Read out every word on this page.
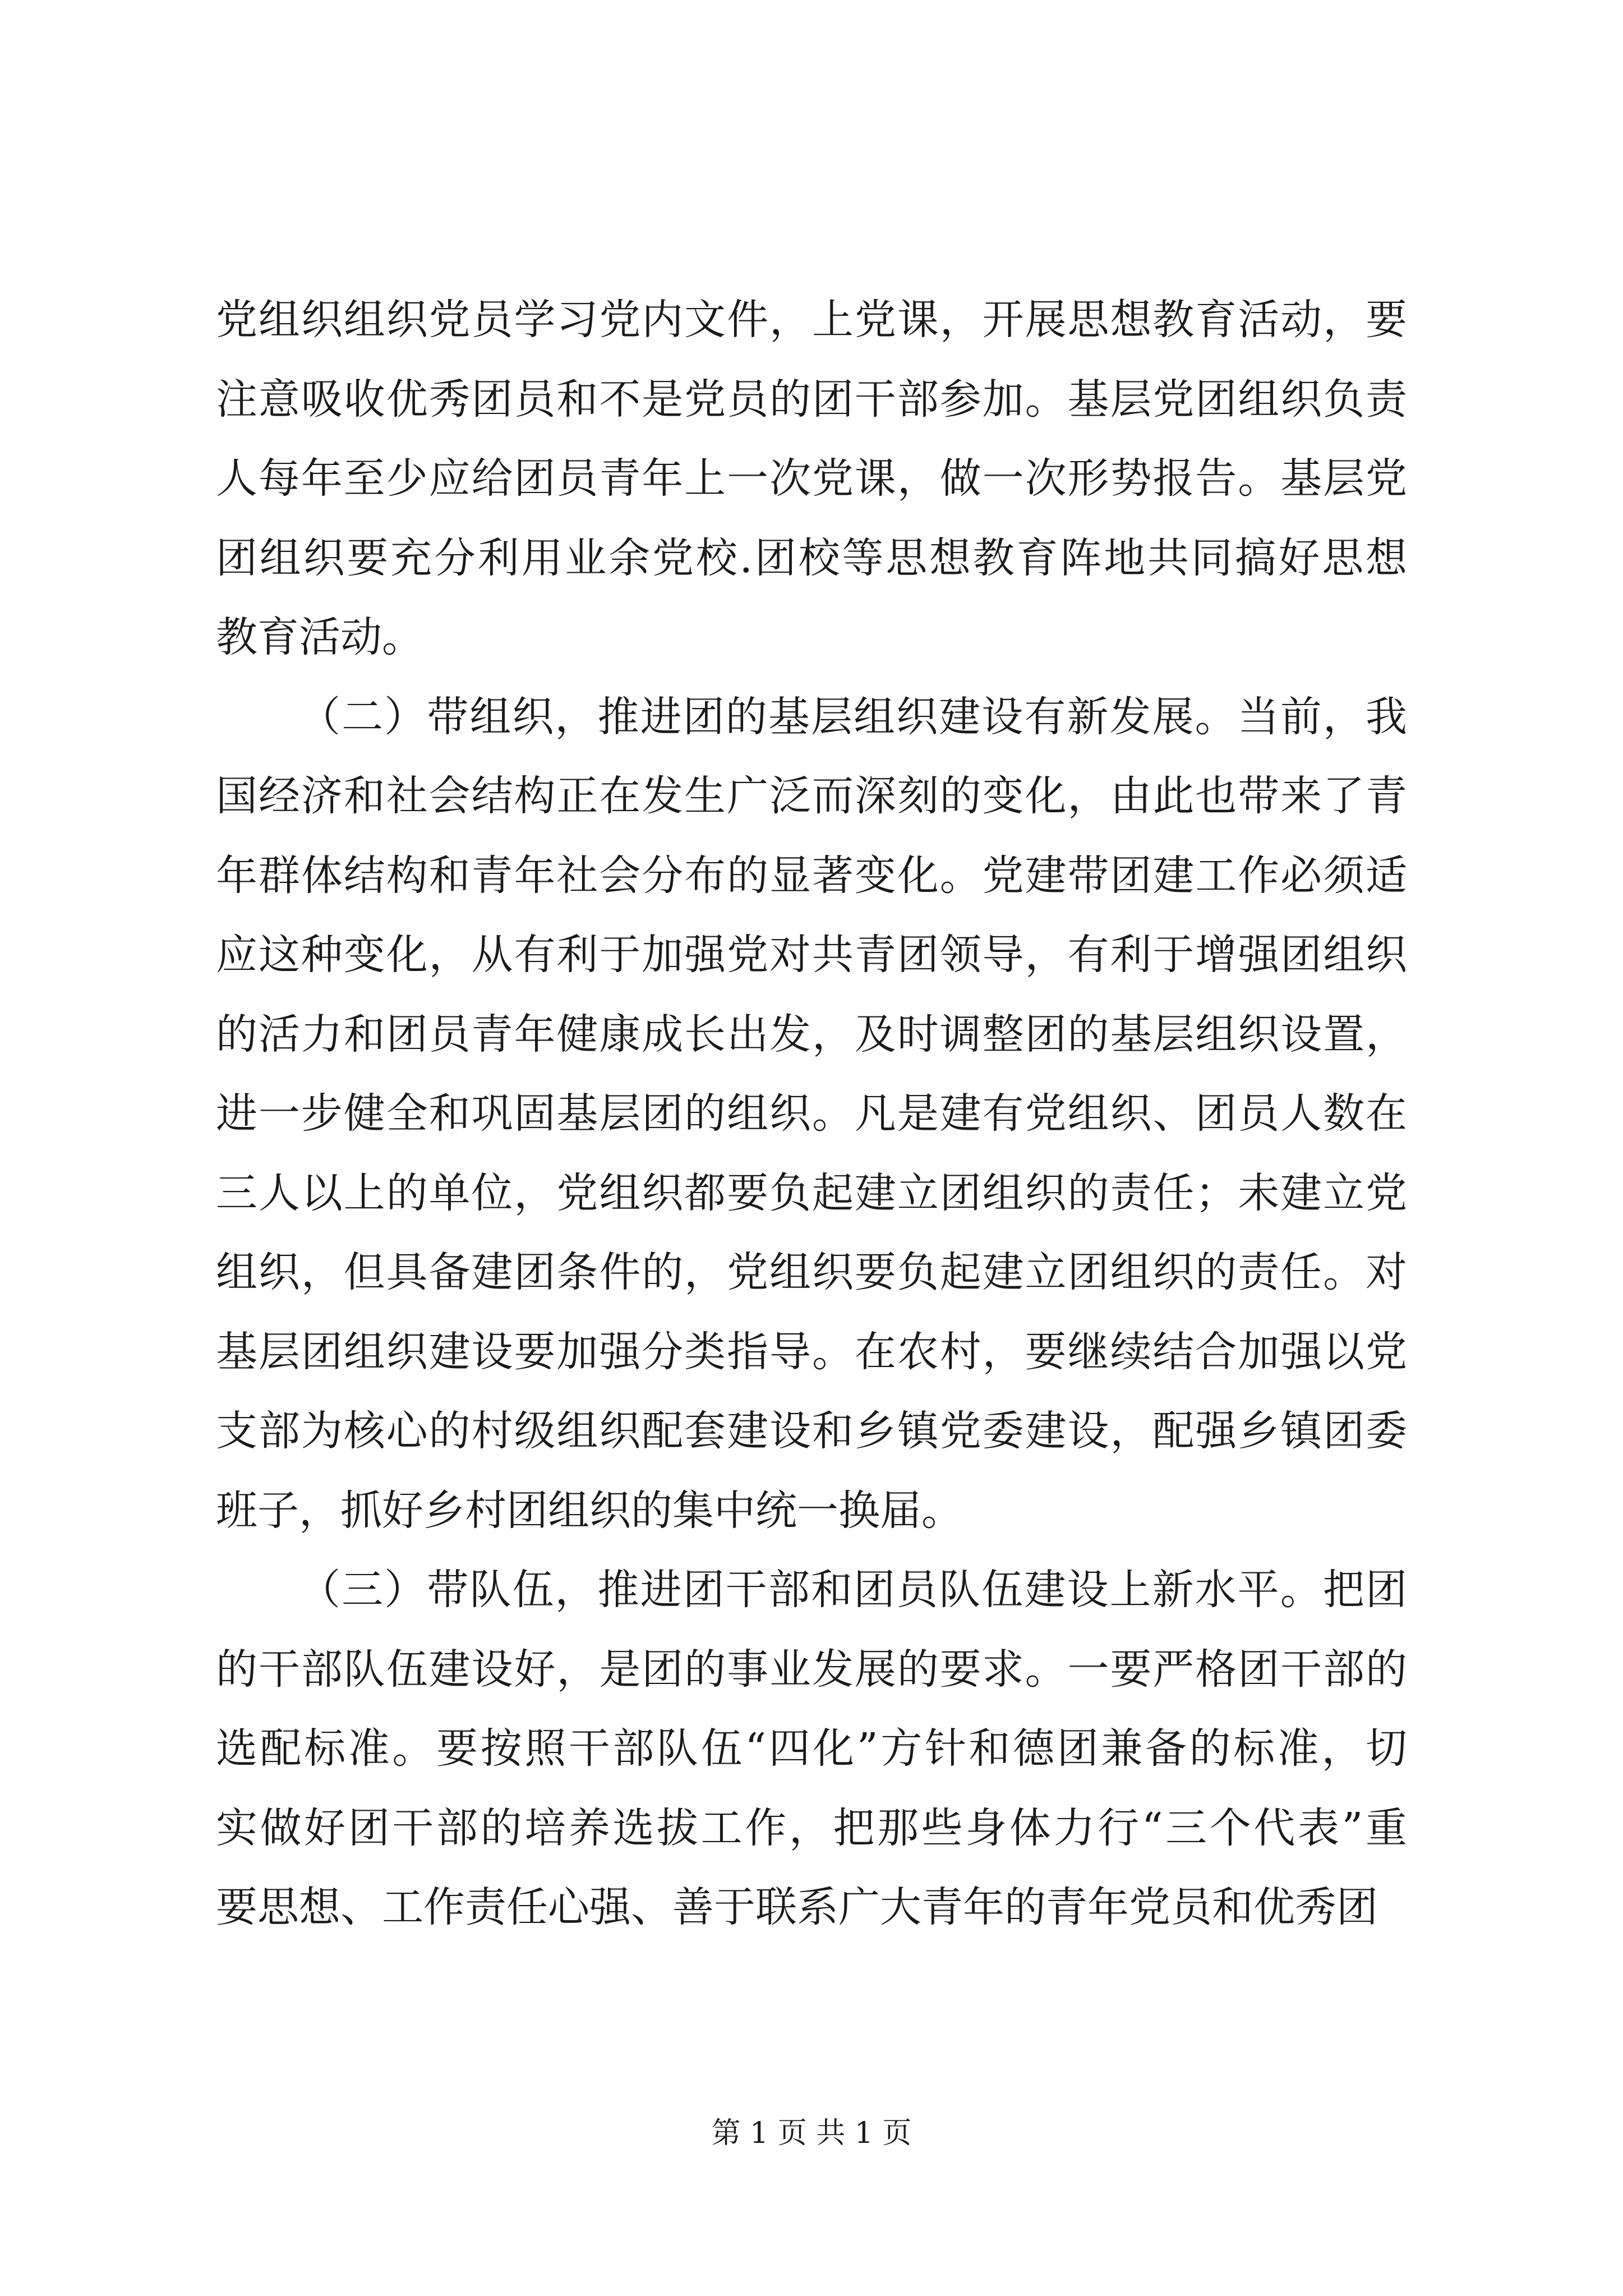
党组织组织党员学习党内文件，上党课，开展思想教育活动，要
注意吸收优秀团员和不是党员的团干部参加。基层党团组织负责
人每年至少应给团员青年上一次党课，做一次形势报告。基层党
团组织要充分利用业余党校.团校等思想教育阵地共同搞好思想
教育活动。
（二）带组织，推进团的基层组织建设有新发展。当前，我
国经济和社会结构正在发生广泛而深刻的变化，由此也带来了青
年群体结构和青年社会分布的显著变化。党建带团建工作必须适
应这种变化，从有利于加强党对共青团领导，有利于增强团组织
的活力和团员青年健康成长出发，及时调整团的基层组织设置，
进一步健全和巩固基层团的组织。凡是建有党组织、团员人数在
三人以上的单位，党组织都要负起建立团组织的责任；未建立党
组织，但具备建团条件的，党组织要负起建立团组织的责任。对
基层团组织建设要加强分类指导。在农村，要继续结合加强以党
支部为核心的村级组织配套建设和乡镇党委建设，配强乡镇团委
班子，抓好乡村团组织的集中统一换届。
（三）带队伍，推进团干部和团员队伍建设上新水平。把团
的干部队伍建设好，是团的事业发展的要求。一要严格团干部的
选配标准。要按照干部队伍“四化”方针和德团兼备的标准，切
实做好团干部的培养选拔工作，把那些身体力行“三个代表”重
要思想、工作责任心强、善于联系广大青年的青年党员和优秀团
第 1 页 共 1 页
